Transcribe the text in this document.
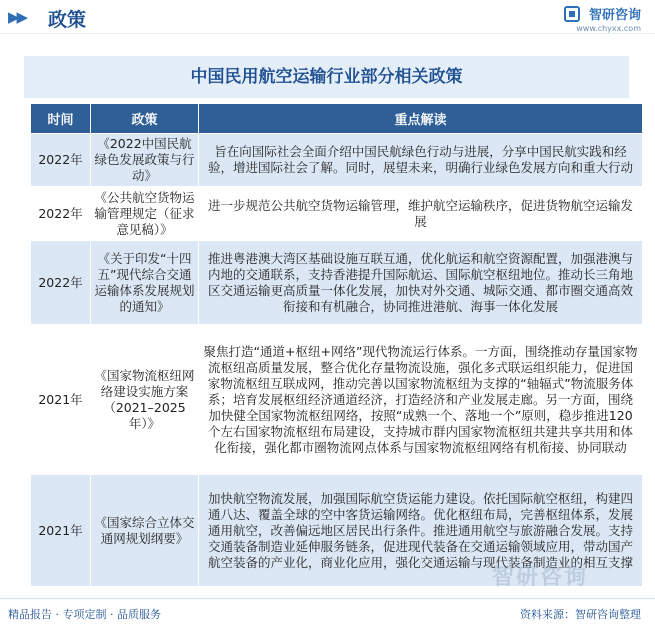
▶▶ 政策	智研咨询
www.chyxx.com
中国民用航空运输行业部分相关政策
时间	政策	重点解读
2022年	《2022中国民航绿色发展政策与行动》	旨在向国际社会全面介绍中国民航绿色行动与进展，分享中国民航实践和经验，增进国际社会了解。同时，展望未来，明确行业绿色发展方向和重大行动
2022年	《公共航空货物运输管理规定（征求意见稿）》	进一步规范公共航空货物运输管理，维护航空运输秩序，促进货物航空运输发展
2022年	《关于印发“十四五”现代综合交通运输体系发展规划的通知》	推进粤港澳大湾区基础设施互联互通，优化航运和航空资源配置，加强港澳与内地的交通联系，支持香港提升国际航运、国际航空枢纽地位。推动长三角地区交通运输更高质量一体化发展，加快对外交通、城际交通、都市圈交通高效衔接和有机融合，协同推进港航、海事一体化发展
2021年	《国家物流枢纽网络建设实施方案（2021–2025年）》	聚焦打造“通道+枢纽+网络”现代物流运行体系。一方面，围绕推动存量国家物流枢纽高质量发展，整合优化存量物流设施，强化多式联运组织能力，促进国家物流枢纽互联成网，推动完善以国家物流枢纽为支撑的“轴辐式”物流服务体系；培育发展枢纽经济通道经济，打造经济和产业发展走廊。另一方面，围绕加快健全国家物流枢纽网络，按照“成熟一个、落地一个”原则，稳步推进120个左右国家物流枢纽布局建设，支持城市群内国家物流枢纽共建共享共用和体化衔接，强化都市圈物流网点体系与国家物流枢纽网络有机衔接、协同联动
2021年	《国家综合立体交通网规划纲要》	加快航空物流发展，加强国际航空货运能力建设。依托国际航空枢纽，构建四通八达、覆盖全球的空中客货运输网络。优化枢纽布局，完善枢纽体系，发展通用航空，改善偏远地区居民出行条件。推进通用航空与旅游融合发展。支持交通装备制造业延伸服务链条，促进现代装备在交通运输领域应用，带动国产航空装备的产业化，商业化应用，强化交通运输与现代装备制造业的相互支撑
智研咨询
精品报告 · 专项定制 · 品质服务	资料来源：智研咨询整理
